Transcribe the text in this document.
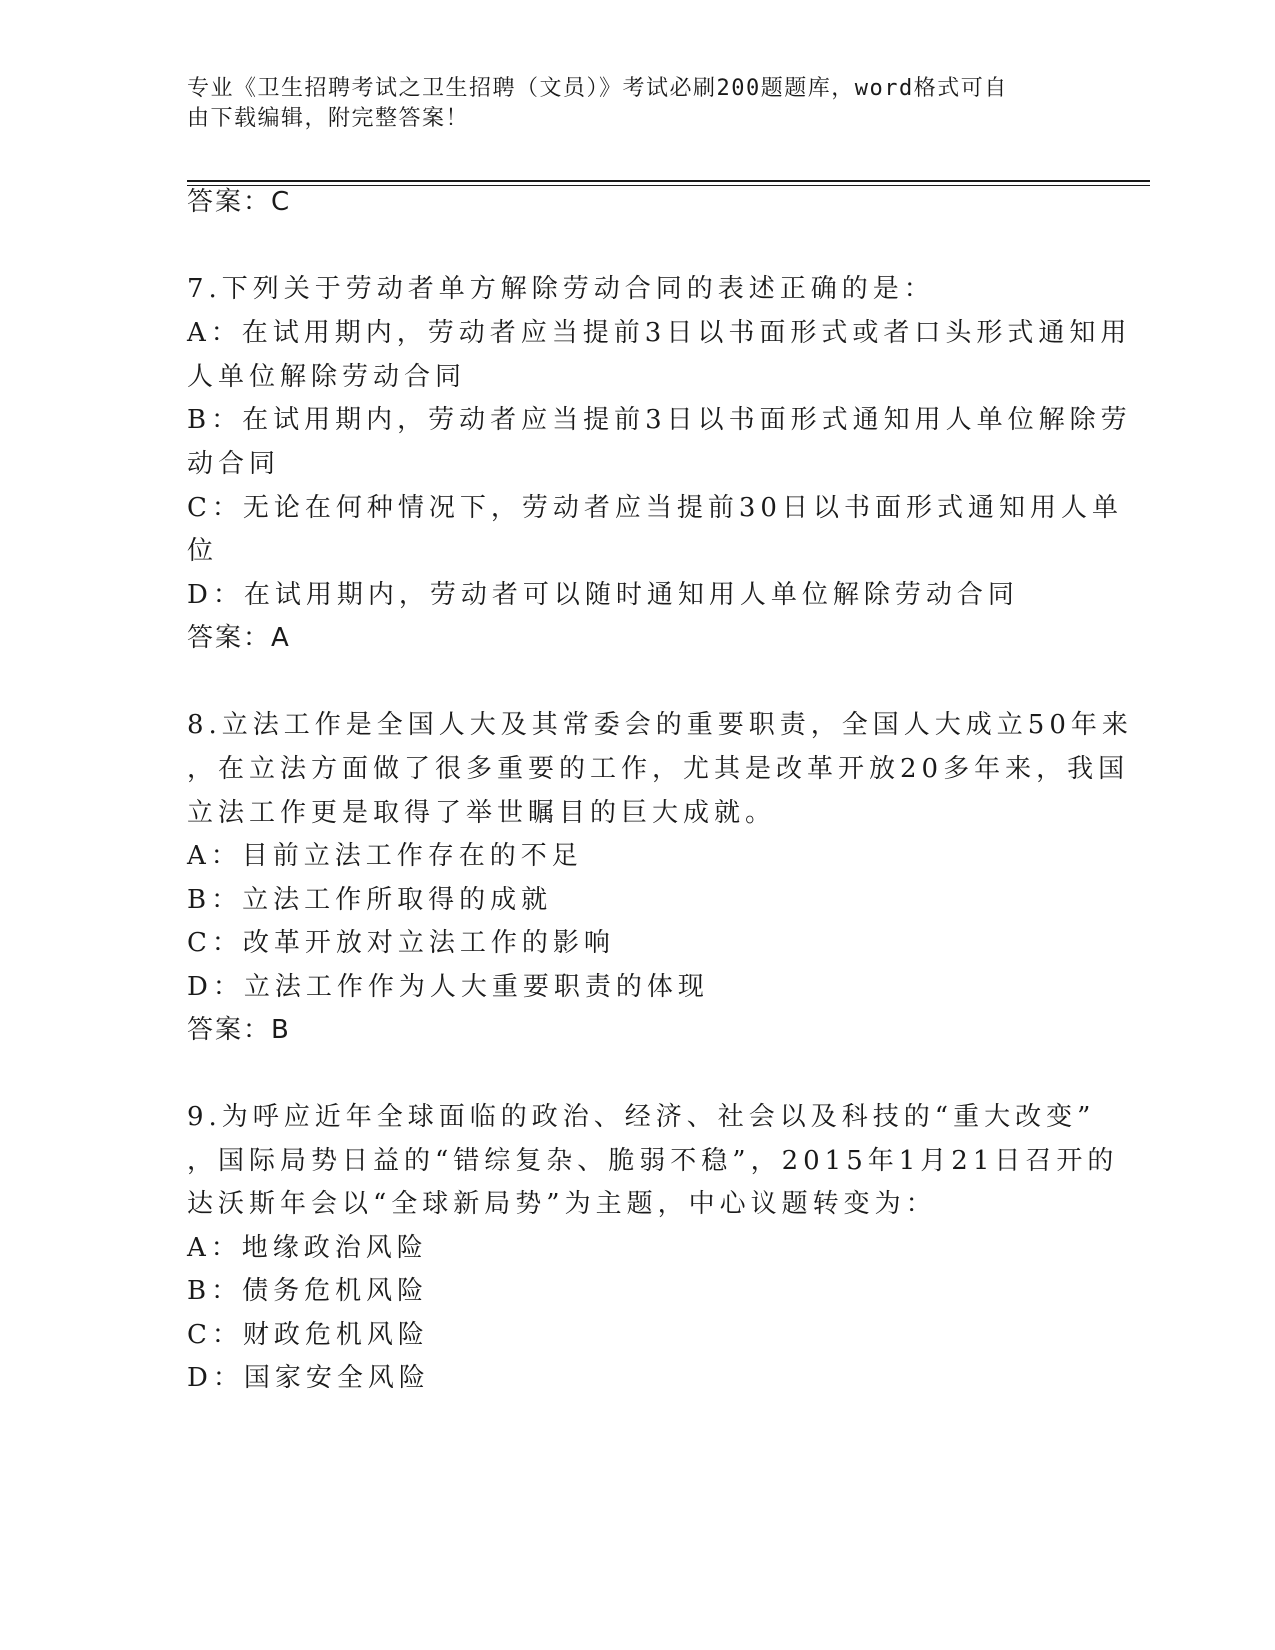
专业《卫生招聘考试之卫生招聘（文员）》考试必刷200题题库，word格式可自
由下载编辑，附完整答案！
答案：C
7.下列关于劳动者单方解除劳动合同的表述正确的是：
A：在试用期内，劳动者应当提前3日以书面形式或者口头形式通知用
人单位解除劳动合同
B：在试用期内，劳动者应当提前3日以书面形式通知用人单位解除劳
动合同
C：无论在何种情况下，劳动者应当提前30日以书面形式通知用人单
位
D：在试用期内，劳动者可以随时通知用人单位解除劳动合同
答案：A
8.立法工作是全国人大及其常委会的重要职责，全国人大成立50年来
，在立法方面做了很多重要的工作，尤其是改革开放20多年来，我国
立法工作更是取得了举世瞩目的巨大成就。
A：目前立法工作存在的不足
B：立法工作所取得的成就
C：改革开放对立法工作的影响
D：立法工作作为人大重要职责的体现
答案：B
9.为呼应近年全球面临的政治、经济、社会以及科技的“重大改变”
，国际局势日益的“错综复杂、脆弱不稳”，2015年1月21日召开的
达沃斯年会以“全球新局势”为主题，中心议题转变为：
A：地缘政治风险
B：债务危机风险
C：财政危机风险
D：国家安全风险
